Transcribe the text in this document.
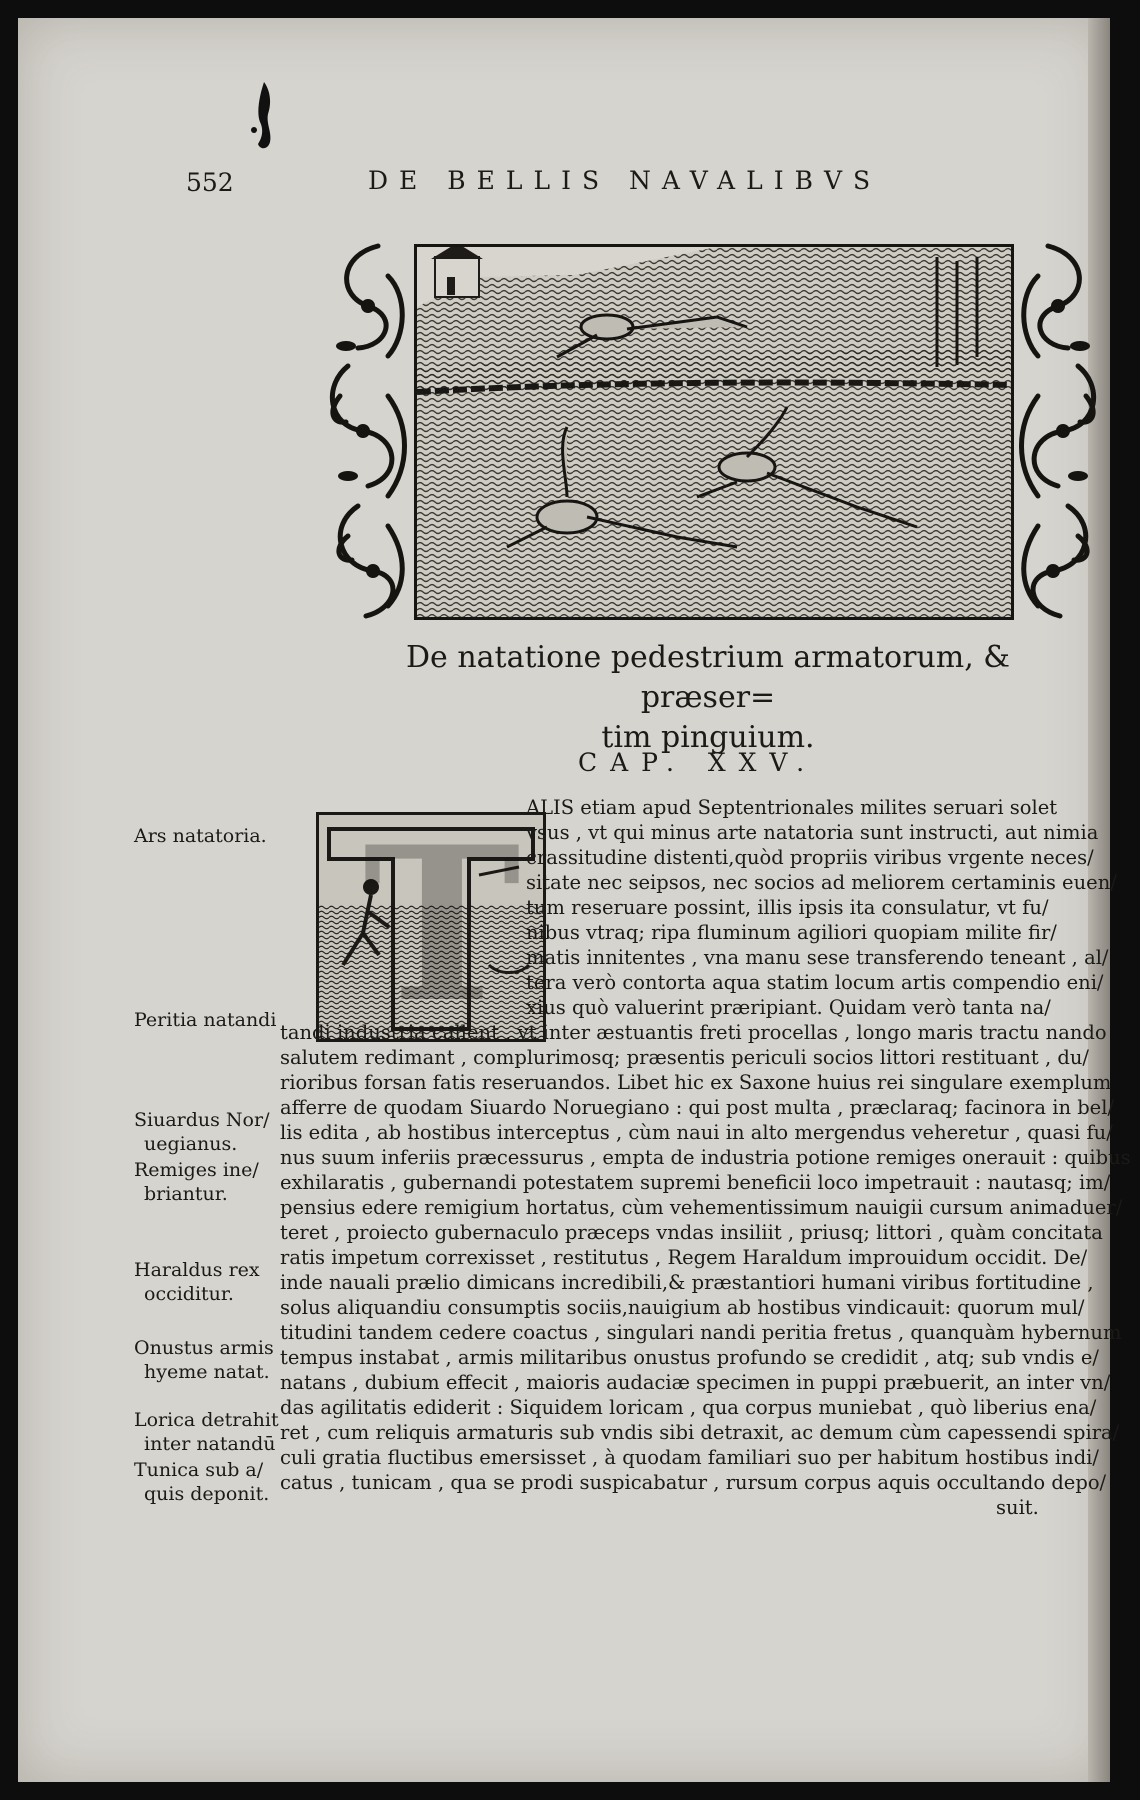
552	DE BELLIS NAVALIBVS
De natatione pedestrium armatorum, & præser=
tim pinguium.
CAP. XXV.
T ALIS etiam apud Septentrionales milites seruari solet
vsus , vt qui minus arte natatoria sunt instructi, aut nimia
crassitudine distenti,quòd propriis viribus vrgente neces/
sitate nec seipsos, nec socios ad meliorem certaminis euen/
tum reseruare possint, illis ipsis ita consulatur, vt fu/
nibus vtraq; ripa fluminum agiliori quopiam milite fir/
matis innitentes , vna manu sese transferendo teneant , al/
tera verò contorta aqua statim locum artis compendio eni/
xius quò valuerint præripiant. Quidam verò tanta na/
tandi industria callent , vt inter æstuantis freti procellas , longo maris tractu nando
salutem redimant , complurimosq; præsentis periculi socios littori restituant , du/
rioribus forsan fatis reseruandos. Libet hic ex Saxone huius rei singulare exemplum
afferre de quodam Siuardo Noruegiano : qui post multa , præclaraq; facinora in bel/
lis edita , ab hostibus interceptus , cùm naui in alto mergendus veheretur , quasi fu/
nus suum inferiis præcessurus , empta de industria potione remiges onerauit : quibus
exhilaratis , gubernandi potestatem supremi beneficii loco impetrauit : nautasq; im/
pensius edere remigium hortatus, cùm vehementissimum nauigii cursum animaduer/
teret , proiecto gubernaculo præceps vndas insiliit , priusq; littori , quàm concitata
ratis impetum correxisset , restitutus , Regem Haraldum improuidum occidit. De/
inde nauali prælio dimicans incredibili,& præstantiori humani viribus fortitudine ,
solus aliquandiu consumptis sociis,nauigium ab hostibus vindicauit: quorum mul/
titudini tandem cedere coactus , singulari nandi peritia fretus , quanquàm hybernum
tempus instabat , armis militaribus onustus profundo se credidit , atq; sub vndis e/
natans , dubium effecit , maioris audaciæ specimen in puppi præbuerit, an inter vn/
das agilitatis ediderit : Siquidem loricam , qua corpus muniebat , quò liberius ena/
ret , cum reliquis armaturis sub vndis sibi detraxit, ac demum cùm capessendi spira/
culi gratia fluctibus emersisset , à quodam familiari suo per habitum hostibus indi/
catus , tunicam , qua se prodi suspicabatur , rursum corpus aquis occultando depo/
suit.
Ars natatoria.
Peritia natandi
Siuardus Nor/
uegianus.
Remiges ine/
briantur.
Haraldus rex
occiditur.
Onustus armis
hyeme natat.
Lorica detrahit
inter natandū
Tunica sub a/
quis deponit.
